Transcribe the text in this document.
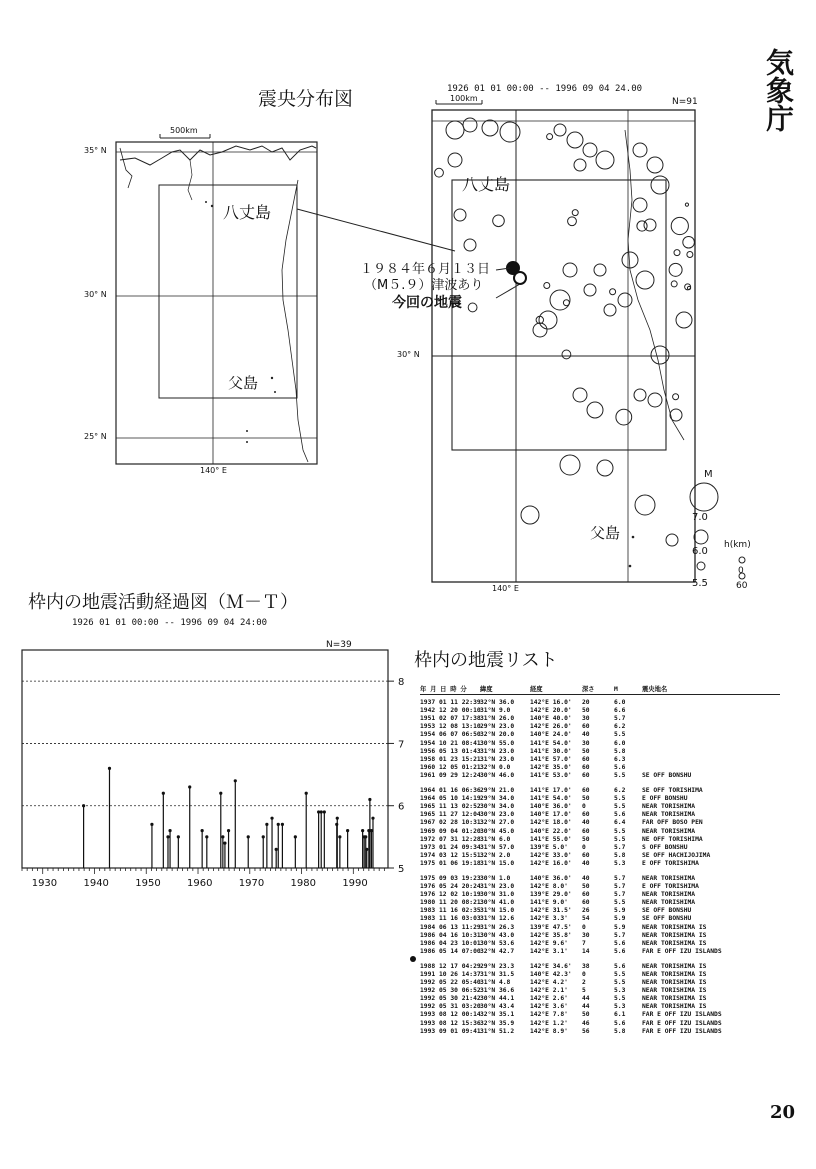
気象庁
震央分布図
500km
35° N
30° N
25° N
140° E
八丈島
父島
1926 01 01 00:00 -- 1996 09 04 24.00
N=91
100km
八丈島
父島
30° N
140° E
１９８４年６月１３日
（M５.９）津波あり
今回の地震
M
7.0
6.0
5.5
h(km)
0
60
枠内の地震活動経過図（Ｍ－Ｔ）
1926 01 01 00:00 -- 1996 09 04 24:00
N=39
5
6
7
8
1930	1940	1950	1960	1970	1980	1990
枠内の地震リスト
年 月 日 時 分	緯度	経度	深さ	M	震央地名
1937 01 11 22:39 32°N 36.0	142°E 16.0'	20	6.0
1942 12 20 00:10 31°N 9.0	142°E 20.0'	50	6.6
1951 02 07 17:38 31°N 26.0	140°E 40.0'	30	5.7
1953 12 08 13:10 29°N 23.0	142°E 26.0'	60	6.2
1954 06 07 06:50 32°N 20.0	140°E 24.0'	40	5.5
1954 10 21 08:41 30°N 55.0	141°E 54.0'	30	6.0
1956 05 13 01:43 31°N 23.0	141°E 30.0'	50	5.8
1958 01 23 15:21 31°N 23.0	141°E 57.0'	60	6.3
1960 12 05 01:21 32°N 0.0	142°E 35.0'	60	5.6
1961 09 29 12:24 30°N 46.0	141°E 53.0'	60	5.5	SE OFF BONSHU
1964 01 16 06:36 29°N 21.0	141°E 17.0'	60	6.2	SE OFF TORISHIMA
1964 05 10 14:19 29°N 34.0	141°E 54.0'	50	5.5	E OFF BONSHU
1965 11 13 02:52 30°N 34.0	140°E 36.0'	0	5.5	NEAR TORISHIMA
1965 11 27 12:04 30°N 23.0	140°E 17.0'	60	5.6	NEAR TORISHIMA
1967 02 28 10:31 32°N 27.0	142°E 18.0'	40	6.4	FAR OFF BOSO PEN
1969 09 04 01:20 30°N 45.0	140°E 22.0'	60	5.5	NEAR TORISHIMA
1972 07 31 12:28 31°N 6.0	141°E 55.0'	50	5.5	NE OFF TORISHIMA
1973 01 24 09:34 31°N 57.0	139°E 5.0'	0	5.7	S OFF BONSHU
1974 03 12 15:51 32°N 2.0	142°E 33.0'	60	5.8	SE OFF HACHIJOJIMA
1975 01 06 19:18 31°N 15.0	142°E 16.0'	40	5.3	E OFF TORISHIMA
1975 09 03 19:23 30°N 1.0	140°E 36.0'	40	5.7	NEAR TORISHIMA
1976 05 24 20:24 31°N 23.0	142°E 8.0'	50	5.7	E OFF TORISHIMA
1976 12 02 10:19 30°N 31.0	139°E 29.0'	60	5.7	NEAR TORISHIMA
1980 11 20 08:21 30°N 41.0	141°E 9.0'	60	5.5	NEAR TORISHIMA
1983 11 16 02:35 31°N 15.0	142°E 31.5'	26	5.9	SE OFF BONSHU
1983 11 16 03:03 31°N 12.6	142°E 3.3'	54	5.9	SE OFF BONSHU
1984 06 13 11:29 31°N 26.3	139°E 47.5'	0	5.9	NEAR TORISHIMA IS
1986 04 16 10:31 30°N 43.0	142°E 35.8'	30	5.7	NEAR TORISHIMA IS
1986 04 23 10:01 30°N 53.6	142°E 9.6'	7	5.6	NEAR TORISHIMA IS
1986 05 14 07:00 32°N 42.7	142°E 3.1'	14	5.6	FAR E OFF IZU ISLANDS
1988 12 17 04:29 29°N 23.3	142°E 34.6'	38	5.6	NEAR TORISHIMA IS
1991 10 26 14:37 31°N 31.5	140°E 42.3'	0	5.5	NEAR TORISHIMA IS
1992 05 22 05:40 31°N 4.8	142°E 4.2'	2	5.5	NEAR TORISHIMA IS
1992 05 30 06:52 31°N 36.6	142°E 2.1'	5	5.3	NEAR TORISHIMA IS
1992 05 30 21:42 30°N 44.1	142°E 2.6'	44	5.5	NEAR TORISHIMA IS
1992 05 31 03:20 30°N 43.4	142°E 3.6'	44	5.3	NEAR TORISHIMA IS
1993 08 12 00:14 32°N 35.1	142°E 7.8'	50	6.1	FAR E OFF IZU ISLANDS
1993 08 12 15:36 32°N 35.9	142°E 1.2'	46	5.6	FAR E OFF IZU ISLANDS
1993 09 01 09:41 31°N 51.2	142°E 8.9'	56	5.8	FAR E OFF IZU ISLANDS
20
